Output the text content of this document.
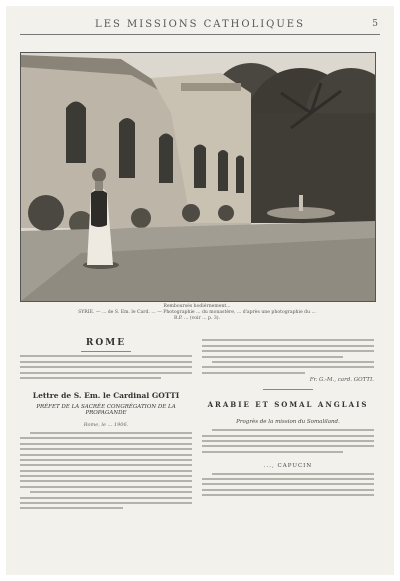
LES MISSIONS CATHOLIQUES	5
Remboursés hodiérnement...
SYRIE. — ... de S. Em. le Card. ... — Photographie ... du monastère, ... d'après une photographie du ...
R.P. ... (voir ... p. 3).
ROME
Lettre de S. Em. le Cardinal GOTTI
PRÉFET DE LA SACRÉE CONGRÉGATION DE LA PROPAGANDE
Rome, le ... 1906.
Fr. G.-M., card. GOTTI.
ARABIE ET SOMAL ANGLAIS
Progrès de la mission du Somaliland.
..., CAPUCIN
